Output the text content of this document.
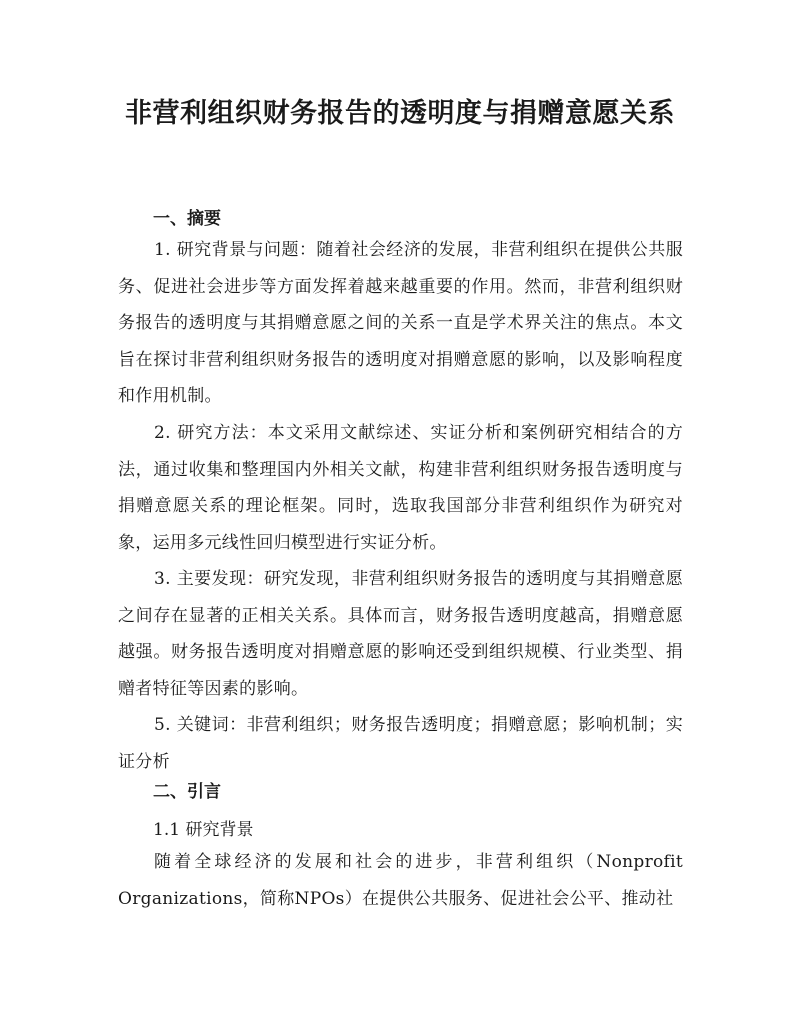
非营利组织财务报告的透明度与捐赠意愿关系
一、摘要

1. 研究背景与问题：随着社会经济的发展，非营利组织在提供公共服务、促进社会进步等方面发挥着越来越重要的作用。然而，非营利组织财务报告的透明度与其捐赠意愿之间的关系一直是学术界关注的焦点。本文旨在探讨非营利组织财务报告的透明度对捐赠意愿的影响，以及影响程度和作用机制。

2. 研究方法：本文采用文献综述、实证分析和案例研究相结合的方法，通过收集和整理国内外相关文献，构建非营利组织财务报告透明度与捐赠意愿关系的理论框架。同时，选取我国部分非营利组织作为研究对象，运用多元线性回归模型进行实证分析。

3. 主要发现：研究发现，非营利组织财务报告的透明度与其捐赠意愿之间存在显著的正相关关系。具体而言，财务报告透明度越高，捐赠意愿越强。财务报告透明度对捐赠意愿的影响还受到组织规模、行业类型、捐赠者特征等因素的影响。

5. 关键词：非营利组织；财务报告透明度；捐赠意愿；影响机制；实证分析

二、引言

1.1 研究背景

随着全球经济的发展和社会的进步，非营利组织（Nonprofit Organizations，简称NPOs）在提供公共服务、促进社会公平、推动社
